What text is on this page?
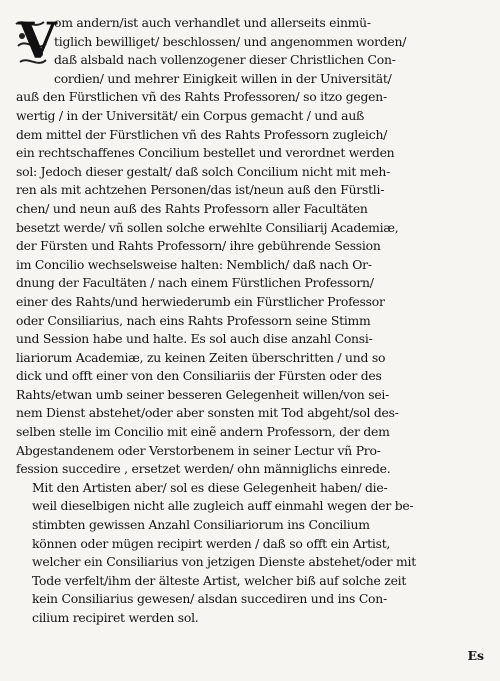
V
om andern/ist auch verhandlet und allerseits einmü-
tiglich bewilliget/ beschlossen/ und angenommen worden/
daß alsbald nach vollenzogener dieser Christlichen Con-
cordien/ und mehrer Einigkeit willen in der Universität/
auß den Fürstlichen vñ des Rahts Professoren/ so itzo gegen-
wertig / in der Universität/ ein Corpus gemacht / und auß
dem mittel der Fürstlichen vñ des Rahts Professorn zugleich/
ein rechtschaffenes Concilium bestellet und verordnet werden
sol: Jedoch dieser gestalt/ daß solch Concilium nicht mit meh-
ren als mit achtzehen Personen/das ist/neun auß den Fürstli-
chen/ und neun auß des Rahts Professorn aller Facultäten
besetzt werde/ vñ sollen solche erwehlte Consiliarij Academiæ,
der Fürsten und Rahts Professorn/ ihre gebührende Session
im Concilio wechselsweise halten: Nemblich/ daß nach Or-
dnung der Facultäten / nach einem Fürstlichen Professorn/
einer des Rahts/und herwiederumb ein Fürstlicher Professor
oder Consiliarius, nach eins Rahts Professorn seine Stimm
und Session habe und halte. Es sol auch dise anzahl Consi-
liariorum Academiæ, zu keinen Zeiten überschritten / und so
dick und offt einer von den Consiliariis der Fürsten oder des
Rahts/etwan umb seiner besseren Gelegenheit willen/von sei-
nem Dienst abstehet/oder aber sonsten mit Tod abgeht/sol des-
selben stelle im Concilio mit einẽ andern Professorn, der dem
Abgestandenem oder Verstorbenem in seiner Lectur vñ Pro-
fession succedire , ersetzet werden/ ohn männiglichs einrede.
Mit den Artisten aber/ sol es diese Gelegenheit haben/ die-
weil dieselbigen nicht alle zugleich auff einmahl wegen der be-
stimbten gewissen Anzahl Consiliariorum ins Concilium
können oder mügen recipirt werden / daß so offt ein Artist,
welcher ein Consiliarius von jetzigen Dienste abstehet/oder mit
Tode verfelt/ihm der älteste Artist, welcher biß auf solche zeit
kein Consiliarius gewesen/ alsdan succediren und ins Con-
cilium recipiret werden sol.
Es
